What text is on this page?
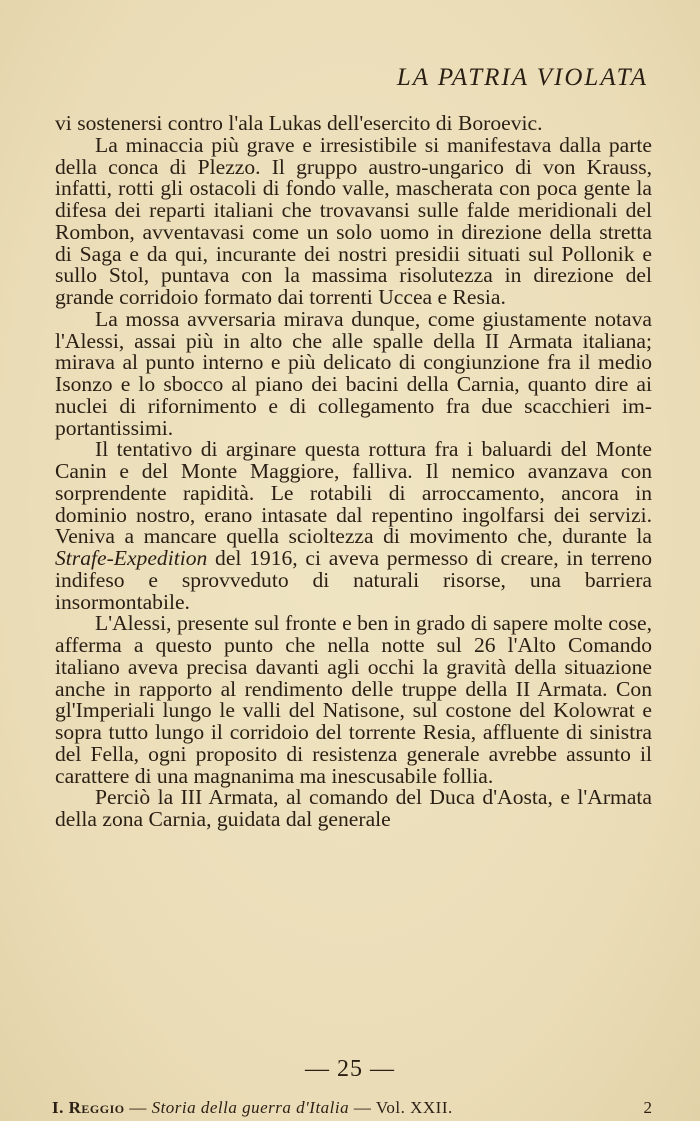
LA PATRIA VIOLATA

vi sostenersi contro l'ala Lukas dell'esercito di Boroevic.

La minaccia più grave e irresistibile si manifestava dalla parte della conca di Plezzo. Il gruppo austro-ungarico di von Krauss, infatti, rotti gli ostacoli di fondo valle, mascherata con poca gente la difesa dei reparti italiani che trovavansi sulle falde meridionali del Rombon, avventavasi come un solo uomo in direzione della stretta di Saga e da qui, incurante dei nostri presidii situati sul Pollonik e sullo Stol, puntava con la massima risolutezza in direzione del grande corridoio formato dai torrenti Uccea e Resia.

La mossa avversaria mirava dunque, come giustamente notava l'Alessi, assai più in alto che alle spalle della II Armata italiana; mirava al punto interno e più delicato di congiunzione fra il medio Isonzo e lo sbocco al piano dei bacini della Carnia, quanto dire ai nuclei di rifornimento e di collegamento fra due scacchieri importantissimi.

Il tentativo di arginare questa rottura fra i baluardi del Monte Canin e del Monte Maggiore, falliva. Il nemico avanzava con sorprendente rapidità. Le rotabili di arroccamento, ancora in dominio nostro, erano intasate dal repentino ingolfarsi dei servizi. Veniva a mancare quella scioltezza di movimento che, durante la Strafe-Expedition del 1916, ci aveva permesso di creare, in terreno indifeso e sprovveduto di naturali risorse, una barriera insormontabile.

L'Alessi, presente sul fronte e ben in grado di sapere molte cose, afferma a questo punto che nella notte sul 26 l'Alto Comando italiano aveva precisa davanti agli occhi la gravità della situazione anche in rapporto al rendimento delle truppe della II Armata. Con gl'Imperiali lungo le valli del Natisone, sul costone del Kolowrat e sopra tutto lungo il corridoio del torrente Resia, affluente di sinistra del Fella, ogni proposito di resistenza generale avrebbe assunto il carattere di una magnanima ma inescusabile follia.

Perciò la III Armata, al comando del Duca d'Aosta, e l'Armata della zona Carnia, guidata dal generale

— 25 —
I. Reggio — Storia della guerra d'Italia — Vol. XXII.	2
